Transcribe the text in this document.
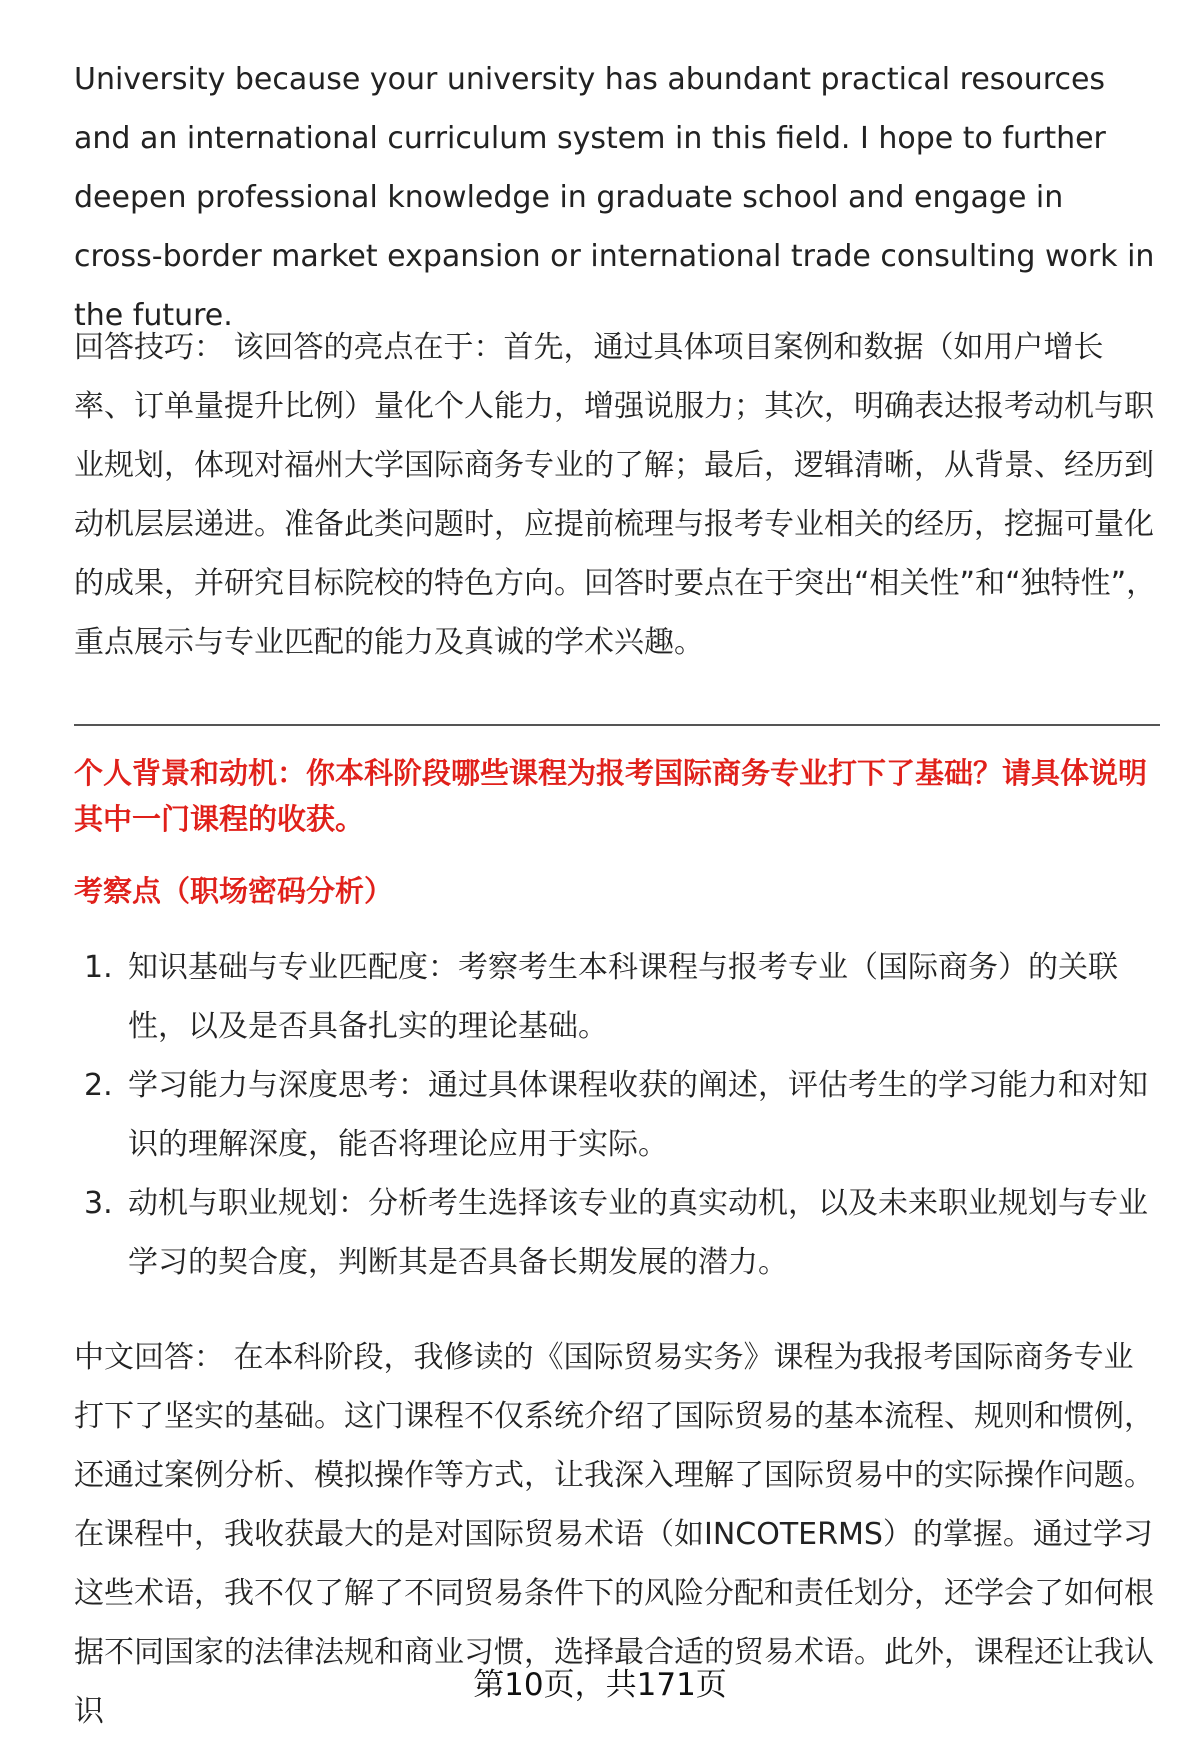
University because your university has abundant practical resources and an international curriculum system in this field. I hope to further deepen professional knowledge in graduate school and engage in cross-border market expansion or international trade consulting work in the future.

回答技巧： 该回答的亮点在于：首先，通过具体项目案例和数据（如用户增长率、订单量提升比例）量化个人能力，增强说服力；其次，明确表达报考动机与职业规划，体现对福州大学国际商务专业的了解；最后，逻辑清晰，从背景、经历到动机层层递进。准备此类问题时，应提前梳理与报考专业相关的经历，挖掘可量化的成果，并研究目标院校的特色方向。回答时要点在于突出“相关性”和“独特性”，重点展示与专业匹配的能力及真诚的学术兴趣。

个人背景和动机：你本科阶段哪些课程为报考国际商务专业打下了基础？请具体说明其中一门课程的收获。

考察点（职场密码分析）

1. 知识基础与专业匹配度：考察考生本科课程与报考专业（国际商务）的关联性，以及是否具备扎实的理论基础。
2. 学习能力与深度思考：通过具体课程收获的阐述，评估考生的学习能力和对知识的理解深度，能否将理论应用于实际。
3. 动机与职业规划：分析考生选择该专业的真实动机，以及未来职业规划与专业学习的契合度，判断其是否具备长期发展的潜力。

中文回答： 在本科阶段，我修读的《国际贸易实务》课程为我报考国际商务专业打下了坚实的基础。这门课程不仅系统介绍了国际贸易的基本流程、规则和惯例，还通过案例分析、模拟操作等方式，让我深入理解了国际贸易中的实际操作问题。在课程中，我收获最大的是对国际贸易术语（如INCOTERMS）的掌握。通过学习这些术语，我不仅了解了不同贸易条件下的风险分配和责任划分，还学会了如何根据不同国家的法律法规和商业习惯，选择最合适的贸易术语。此外，课程还让我认识

第10页，共171页
